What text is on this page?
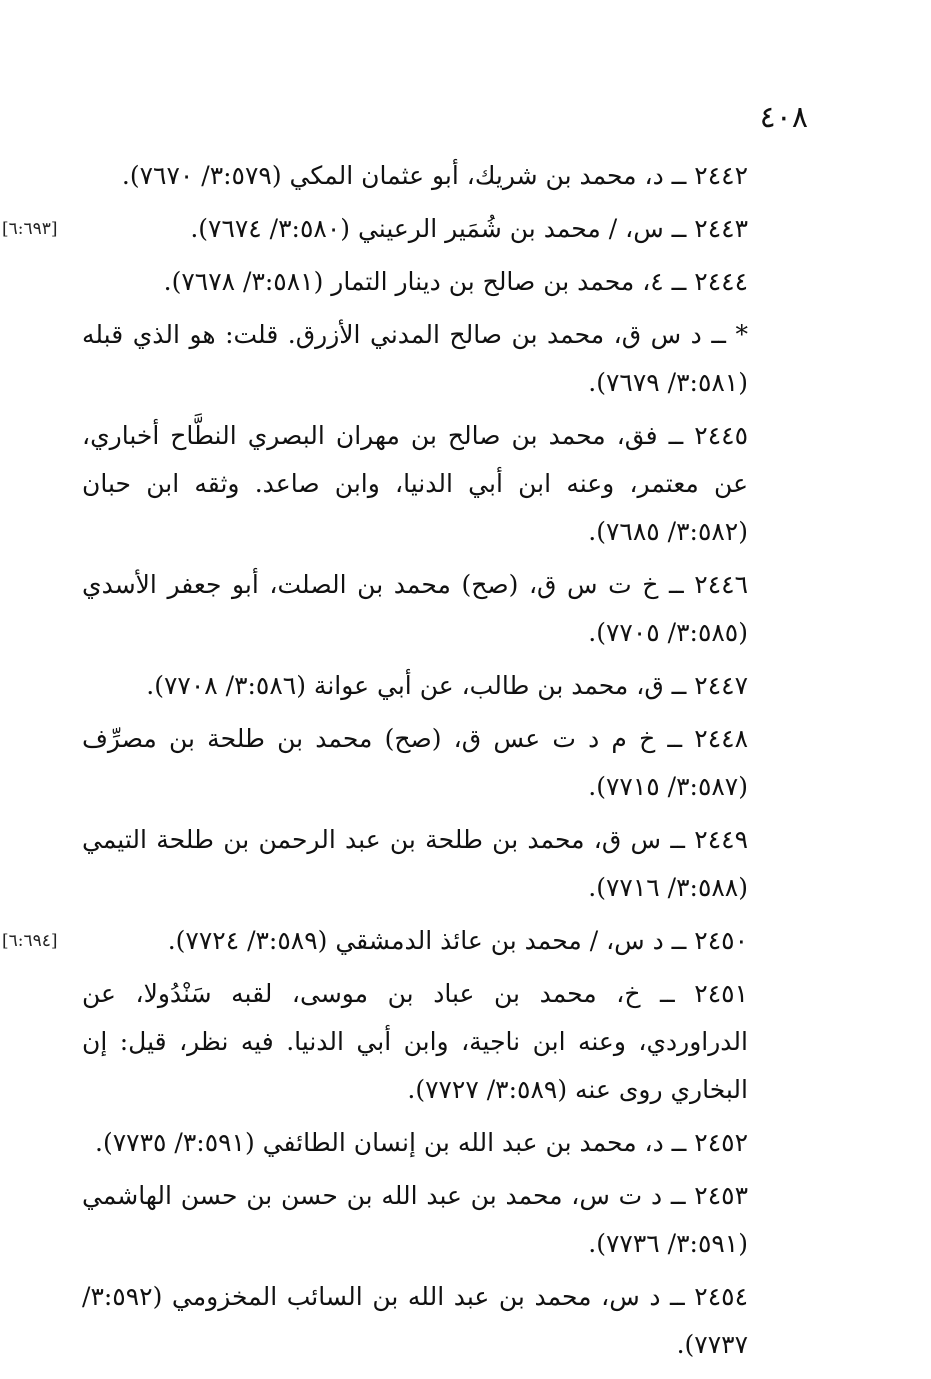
٤٠٨

٢٤٤٢ ــ د، محمد بن شريك، أبو عثمان المكي (٣:٥٧٩/ ٧٦٧٠).

[٦:٦٩٣]	٢٤٤٣ ــ س، / محمد بن شُمَير الرعيني (٣:٥٨٠/ ٧٦٧٤).

٢٤٤٤ ــ ٤، محمد بن صالح بن دينار التمار (٣:٥٨١/ ٧٦٧٨).

* ــ د س ق، محمد بن صالح المدني الأزرق. قلت: هو الذي قبله (٣:٥٨١/ ٧٦٧٩).

٢٤٤٥ ــ فق، محمد بن صالح بن مهران البصري النطَّاح أخباري، عن معتمر، وعنه ابن أبي الدنيا، وابن صاعد. وثقه ابن حبان (٣:٥٨٢/ ٧٦٨٥).

٢٤٤٦ ــ خ ت س ق، (صح) محمد بن الصلت، أبو جعفر الأسدي (٣:٥٨٥/ ٧٧٠٥).

٢٤٤٧ ــ ق، محمد بن طالب، عن أبي عوانة (٣:٥٨٦/ ٧٧٠٨).

٢٤٤٨ ــ خ م د ت عس ق، (صح) محمد بن طلحة بن مصرِّف (٣:٥٨٧/ ٧٧١٥).

٢٤٤٩ ــ س ق، محمد بن طلحة بن عبد الرحمن بن طلحة التيمي (٣:٥٨٨/ ٧٧١٦).

[٦:٦٩٤]	٢٤٥٠ ــ د س، / محمد بن عائذ الدمشقي (٣:٥٨٩/ ٧٧٢٤).

٢٤٥١ ــ خ، محمد بن عباد بن موسى، لقبه سَنْدُولا، عن الدراوردي، وعنه ابن ناجية، وابن أبي الدنيا. فيه نظر، قيل: إن البخاري روى عنه (٣:٥٨٩/ ٧٧٢٧).

٢٤٥٢ ــ د، محمد بن عبد الله بن إنسان الطائفي (٣:٥٩١/ ٧٧٣٥).

٢٤٥٣ ــ د ت س، محمد بن عبد الله بن حسن بن حسن الهاشمي (٣:٥٩١/ ٧٧٣٦).

٢٤٥٤ ــ د س، محمد بن عبد الله بن السائب المخزومي (٣:٥٩٢/ ٧٧٣٧).
